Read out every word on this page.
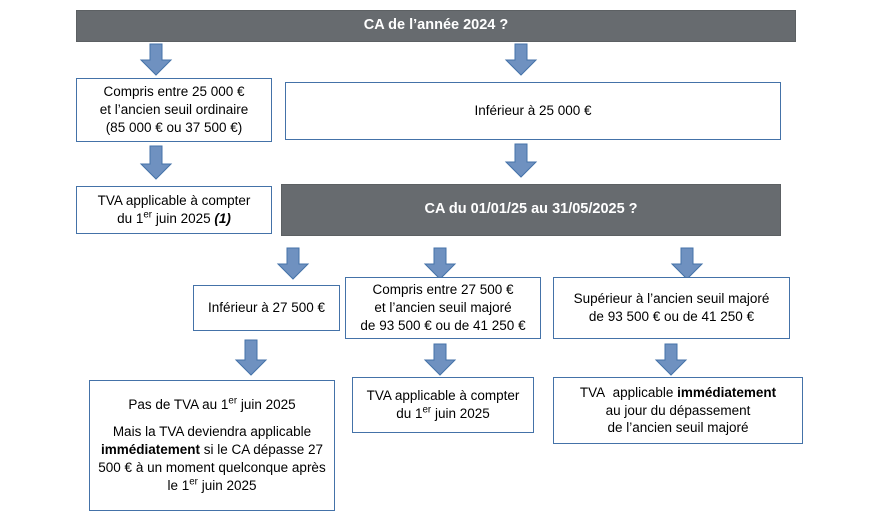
CA de l’année 2024 ?
Compris entre 25 000 €
et l’ancien seuil ordinaire
(85 000 € ou 37 500 €)
Inférieur à 25 000 €
TVA applicable à compter
du 1er juin 2025 (1)
CA du 01/01/25 au 31/05/2025 ?
Inférieur à 27 500 €
Compris entre 27 500 €
et l’ancien seuil majoré
de 93 500 € ou de 41 250 €
Supérieur à l’ancien seuil majoré
de 93 500 € ou de 41 250 €
Pas de TVA au 1er juin 2025
Mais la TVA deviendra applicable immédiatement si le CA dépasse 27 500 € à un moment quelconque après le 1er juin 2025
TVA applicable à compter
du 1er juin 2025
TVA  applicable immédiatement
au jour du dépassement
de l’ancien seuil majoré
